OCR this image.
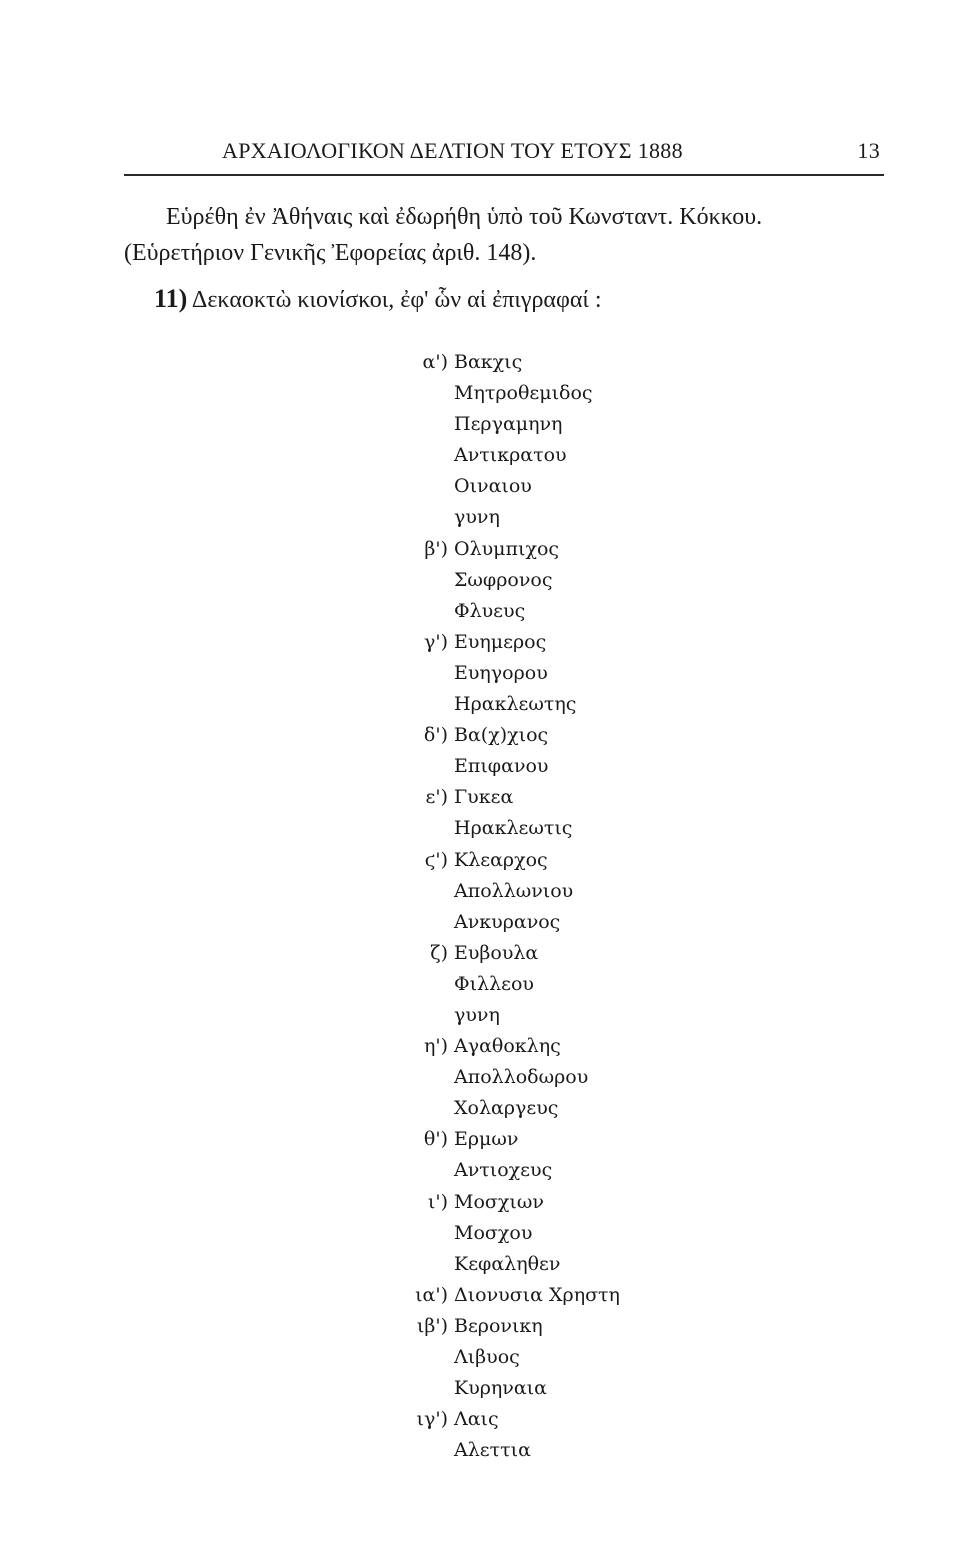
ΑΡΧΑΙΟΛΟΓΙΚΟΝ ΔΕΛΤΙΟΝ ΤΟΥ ΕΤΟΥΣ 1888	13
Εὑρέθη ἐν Ἀθήναις καὶ ἐδωρήθη ὑπὸ τοῦ Κωνσταντ. Κόκκου.
(Εὑρετήριον Γενικῆς Ἐφορείας ἀριθ. 148).
11) Δεκαοκτὼ κιονίσκοι, ἐφ' ὧν αἱ ἐπιγραφαί :
α') Βακχις
Μητροθεμιδος
Περγαμηνη
Αντικρατου
Οιναιου
γυνη
β') Ολυμπιχος
Σωφρονος
Φλυευς
γ') Ευημερος
Ευηγορου
Ηρακλεωτης
δ') Βα(χ)χιος
Επιφανου
ε') Γυκεα
Ηρακλεωτις
ϛ') Κλεαρχος
Απολλωνιου
Ανκυρανος
ζ) Ευβουλα
Φιλλεου
γυνη
η') Αγαθοκλης
Απολλοδωρου
Χολαργευς
θ') Ερμων
Αντιοχευς
ι') Μοσχιων
Μοσχου
Κεφαληθεν
ια') Διονυσια Χρηστη
ιβ') Βερονικη
Λιβυος
Κυρηναια
ιγ') Λαις
Αλεττια
